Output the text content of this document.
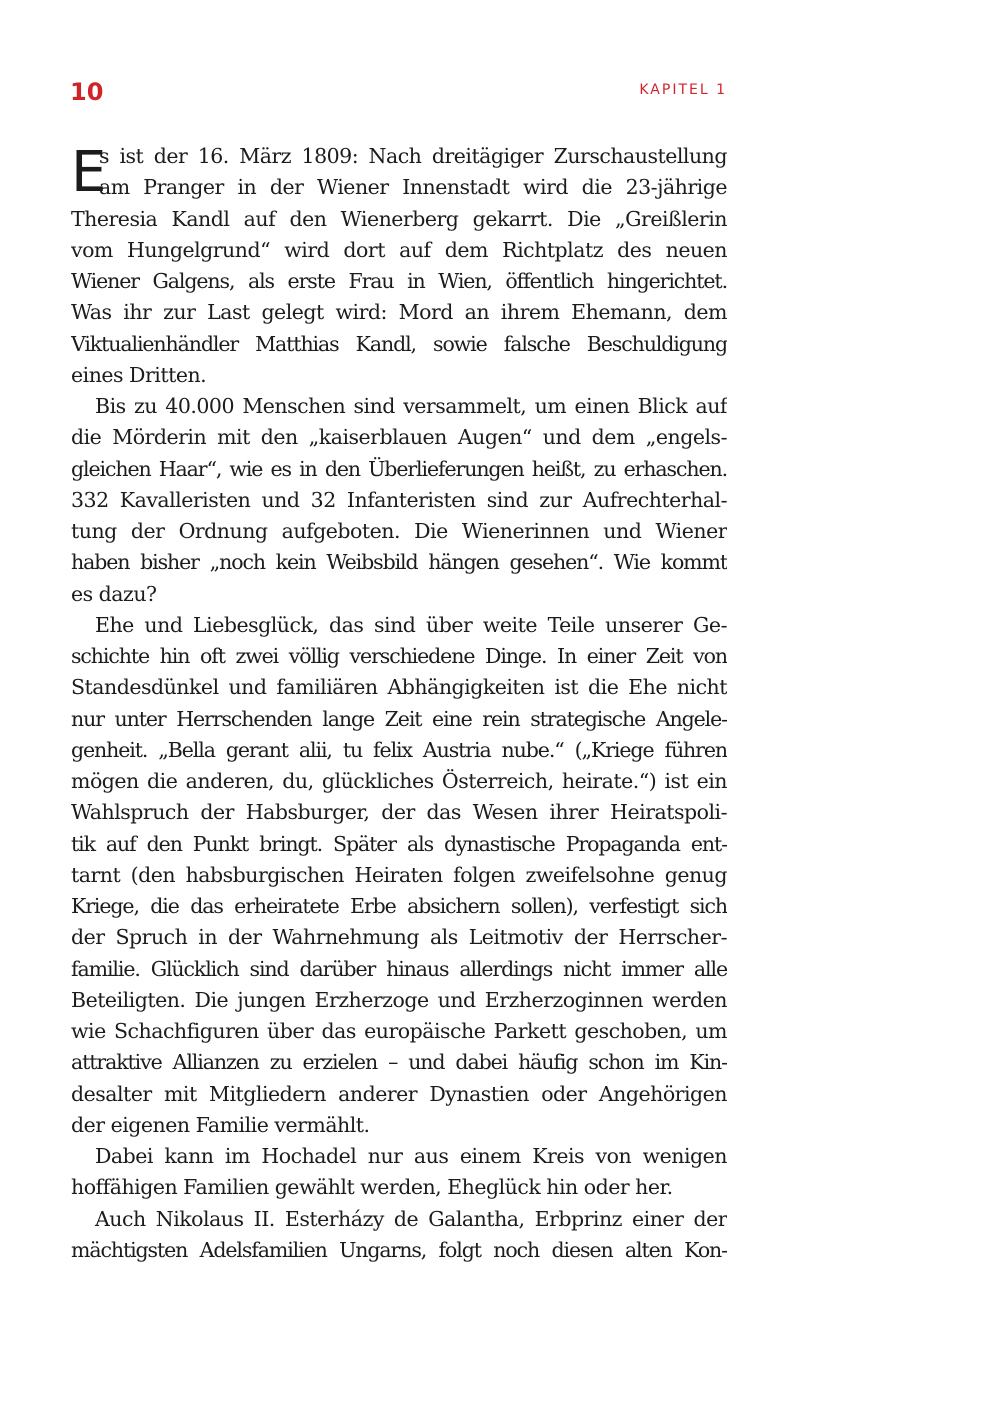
10	KAPITEL 1
E
s ist der 16. März 1809: Nach dreitägiger Zurschaustellung
am Pranger in der Wiener Innenstadt wird die 23-jährige
Theresia Kandl auf den Wienerberg gekarrt. Die „Greißlerin
vom Hungelgrund“ wird dort auf dem Richtplatz des neuen
Wiener Galgens, als erste Frau in Wien, öffentlich hingerichtet.
Was ihr zur Last gelegt wird: Mord an ihrem Ehemann, dem
Viktualienhändler Matthias Kandl, sowie falsche Beschuldigung
eines Dritten.
Bis zu 40.000 Menschen sind versammelt, um einen Blick auf
die Mörderin mit den „kaiserblauen Augen“ und dem „engels-
gleichen Haar“, wie es in den Überlieferungen heißt, zu erhaschen.
332 Kavalleristen und 32 Infanteristen sind zur Aufrechterhal-
tung der Ordnung aufgeboten. Die Wienerinnen und Wiener
haben bisher „noch kein Weibsbild hängen gesehen“. Wie kommt
es dazu?
Ehe und Liebesglück, das sind über weite Teile unserer Ge-
schichte hin oft zwei völlig verschiedene Dinge. In einer Zeit von
Standesdünkel und familiären Abhängigkeiten ist die Ehe nicht
nur unter Herrschenden lange Zeit eine rein strategische Angele-
genheit. „Bella gerant alii, tu felix Austria nube.“ („Kriege führen
mögen die anderen, du, glückliches Österreich, heirate.“) ist ein
Wahlspruch der Habsburger, der das Wesen ihrer Heiratspoli-
tik auf den Punkt bringt. Später als dynastische Propaganda ent-
tarnt (den habsburgischen Heiraten folgen zweifelsohne genug
Kriege, die das erheiratete Erbe absichern sollen), verfestigt sich
der Spruch in der Wahrnehmung als Leitmotiv der Herrscher-
familie. Glücklich sind darüber hinaus allerdings nicht immer alle
Beteiligten. Die jungen Erzherzoge und Erzherzoginnen werden
wie Schachfiguren über das europäische Parkett geschoben, um
attraktive Allianzen zu erzielen – und dabei häufig schon im Kin-
desalter mit Mitgliedern anderer Dynastien oder Angehörigen
der eigenen Familie vermählt.
Dabei kann im Hochadel nur aus einem Kreis von wenigen
hoffähigen Familien gewählt werden, Eheglück hin oder her.
Auch Nikolaus II. Esterházy de Galantha, Erbprinz einer der
mächtigsten Adelsfamilien Ungarns, folgt noch diesen alten Kon-
